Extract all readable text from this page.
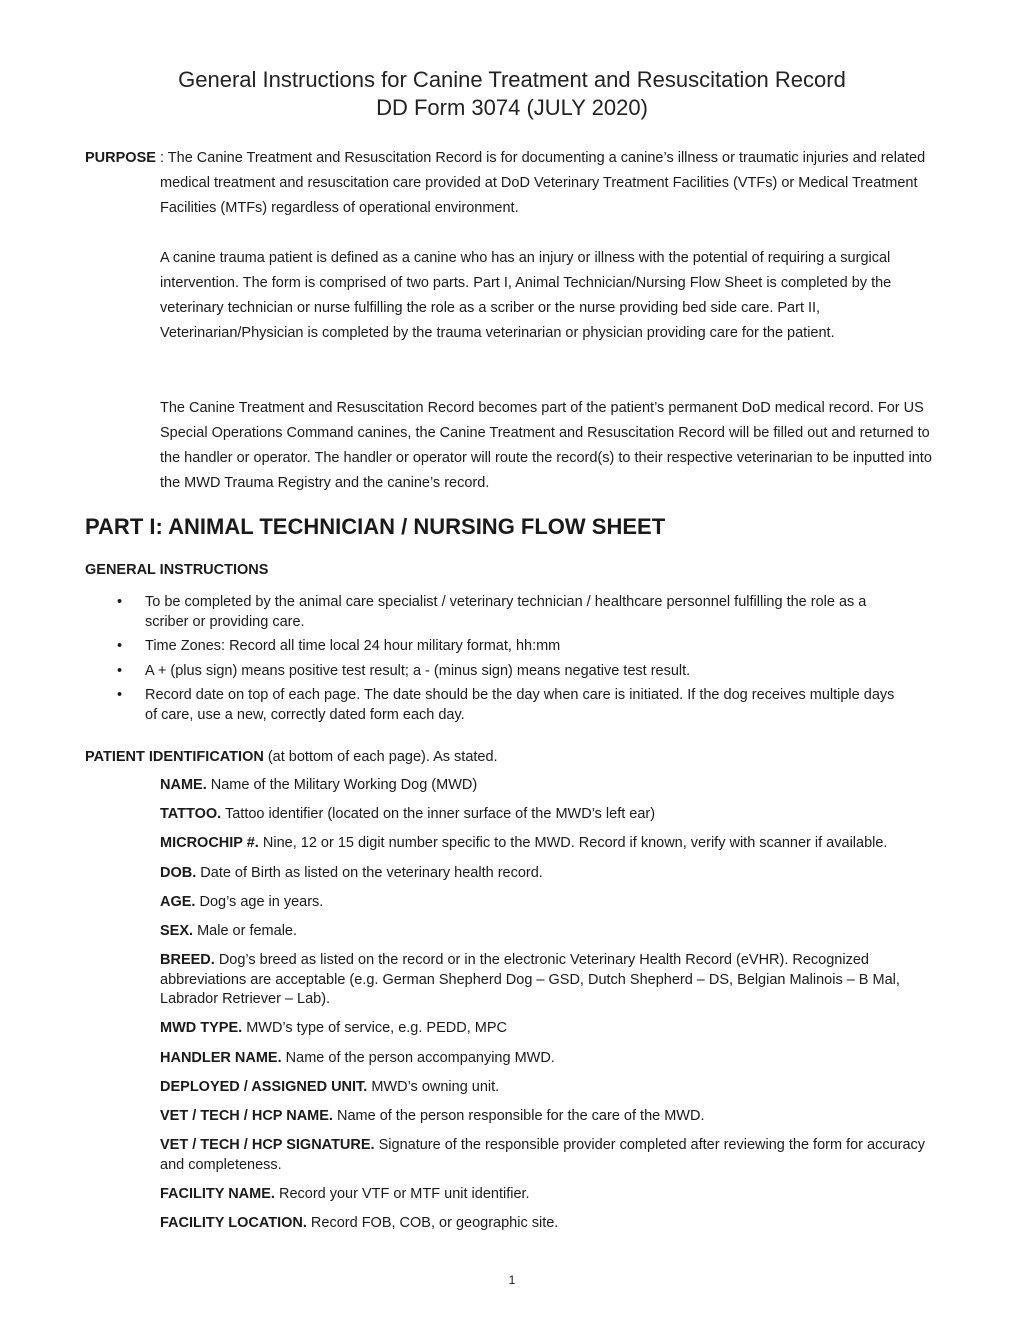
General Instructions for Canine Treatment and Resuscitation Record
DD Form 3074 (JULY 2020)
PURPOSE : The Canine Treatment and Resuscitation Record is for documenting a canine’s illness or traumatic injuries and related medical treatment and resuscitation care provided at DoD Veterinary Treatment Facilities (VTFs) or Medical Treatment Facilities (MTFs) regardless of operational environment.
A canine trauma patient is defined as a canine who has an injury or illness with the potential of requiring a surgical intervention. The form is comprised of two parts. Part I, Animal Technician/Nursing Flow Sheet is completed by the veterinary technician or nurse fulfilling the role as a scriber or the nurse providing bed side care. Part II, Veterinarian/Physician is completed by the trauma veterinarian or physician providing care for the patient.
The Canine Treatment and Resuscitation Record becomes part of the patient’s permanent DoD medical record. For US Special Operations Command canines, the Canine Treatment and Resuscitation Record will be filled out and returned to the handler or operator. The handler or operator will route the record(s) to their respective veterinarian to be inputted into the MWD Trauma Registry and the canine’s record.
PART I: ANIMAL TECHNICIAN / NURSING FLOW SHEET
GENERAL INSTRUCTIONS
• To be completed by the animal care specialist / veterinary technician / healthcare personnel fulfilling the role as a scriber or providing care.
• Time Zones: Record all time local 24 hour military format, hh:mm
• A + (plus sign) means positive test result; a - (minus sign) means negative test result.
• Record date on top of each page. The date should be the day when care is initiated. If the dog receives multiple days of care, use a new, correctly dated form each day.
PATIENT IDENTIFICATION (at bottom of each page). As stated.
NAME. Name of the Military Working Dog (MWD)
TATTOO. Tattoo identifier (located on the inner surface of the MWD’s left ear)
MICROCHIP #. Nine, 12 or 15 digit number specific to the MWD. Record if known, verify with scanner if available.
DOB. Date of Birth as listed on the veterinary health record.
AGE. Dog’s age in years.
SEX. Male or female.
BREED. Dog’s breed as listed on the record or in the electronic Veterinary Health Record (eVHR). Recognized abbreviations are acceptable (e.g. German Shepherd Dog – GSD, Dutch Shepherd – DS, Belgian Malinois – B Mal, Labrador Retriever – Lab).
MWD TYPE. MWD’s type of service, e.g. PEDD, MPC
HANDLER NAME. Name of the person accompanying MWD.
DEPLOYED / ASSIGNED UNIT. MWD’s owning unit.
VET / TECH / HCP NAME. Name of the person responsible for the care of the MWD.
VET / TECH / HCP SIGNATURE. Signature of the responsible provider completed after reviewing the form for accuracy and completeness.
FACILITY NAME. Record your VTF or MTF unit identifier.
FACILITY LOCATION. Record FOB, COB, or geographic site.
1
